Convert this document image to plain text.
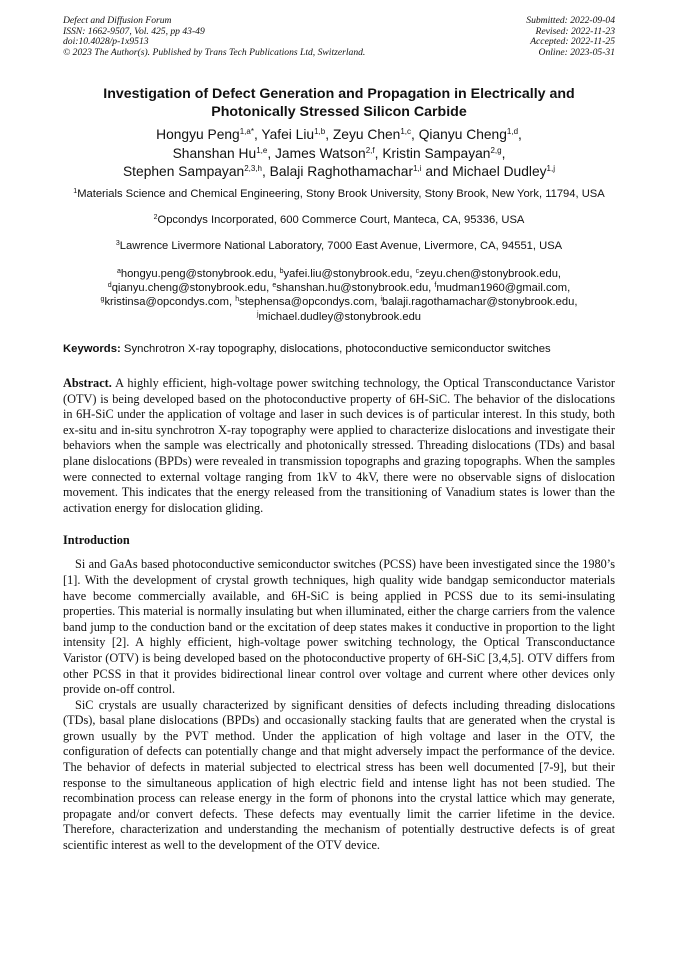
Defect and Diffusion Forum
ISSN: 1662-9507, Vol. 425, pp 43-49
doi:10.4028/p-1x9513
© 2023 The Author(s). Published by Trans Tech Publications Ltd, Switzerland.
Submitted: 2022-09-04
Revised: 2022-11-23
Accepted: 2022-11-25
Online: 2023-05-31
Investigation of Defect Generation and Propagation in Electrically and
Photonically Stressed Silicon Carbide
Hongyu Peng$^{1,a*}$, Yafei Liu$^{1,b}$, Zeyu Chen$^{1,c}$, Qianyu Cheng$^{1,d}$,
Shanshan Hu$^{1,e}$, James Watson$^{2,f}$, Kristin Sampayan$^{2,g}$,
Stephen Sampayan$^{2,3,h}$, Balaji Raghothamachar$^{1,i}$ and Michael Dudley$^{1,j}$
$^1$Materials Science and Chemical Engineering, Stony Brook University, Stony Brook, New York, 11794, USA
$^2$Opcondys Incorporated, 600 Commerce Court, Manteca, CA, 95336, USA
$^3$Lawrence Livermore National Laboratory, 7000 East Avenue, Livermore, CA, 94551, USA
$^a$hongyu.peng@stonybrook.edu, $^b$yafei.liu@stonybrook.edu, $^c$zeyu.chen@stonybrook.edu,
$^d$qianyu.cheng@stonybrook.edu, $^e$shanshan.hu@stonybrook.edu, $^f$mudman1960@gmail.com,
$^g$kristinsa@opcondys.com, $^h$stephensa@opcondys.com, $^i$balaji.ragothamachar@stonybrook.edu,
$^j$michael.dudley@stonybrook.edu
Keywords: Synchrotron X-ray topography, dislocations, photoconductive semiconductor switches
Abstract. A highly efficient, high-voltage power switching technology, the Optical Transconductance Varistor (OTV) is being developed based on the photoconductive property of 6H-SiC. The behavior of the dislocations in 6H-SiC under the application of voltage and laser in such devices is of particular interest. In this study, both ex-situ and in-situ synchrotron X-ray topography were applied to characterize dislocations and investigate their behaviors when the sample was electrically and photonically stressed. Threading dislocations (TDs) and basal plane dislocations (BPDs) were revealed in transmission topographs and grazing topographs. When the samples were connected to external voltage ranging from 1kV to 4kV, there were no observable signs of dislocation movement. This indicates that the energy released from the transitioning of Vanadium states is lower than the activation energy for dislocation gliding.
Introduction
Si and GaAs based photoconductive semiconductor switches (PCSS) have been investigated since the 1980’s [1]. With the development of crystal growth techniques, high quality wide bandgap semiconductor materials have become commercially available, and 6H-SiC is being applied in PCSS due to its semi-insulating properties. This material is normally insulating but when illuminated, either the charge carriers from the valence band jump to the conduction band or the excitation of deep states makes it conductive in proportion to the light intensity [2]. A highly efficient, high-voltage power switching technology, the Optical Transconductance Varistor (OTV) is being developed based on the photoconductive property of 6H-SiC [3,4,5]. OTV differs from other PCSS in that it provides bidirectional linear control over voltage and current where other devices only provide on-off control.
SiC crystals are usually characterized by significant densities of defects including threading dislocations (TDs), basal plane dislocations (BPDs) and occasionally stacking faults that are generated when the crystal is grown usually by the PVT method. Under the application of high voltage and laser in the OTV, the configuration of defects can potentially change and that might adversely impact the performance of the device. The behavior of defects in material subjected to electrical stress has been well documented [7-9], but their response to the simultaneous application of high electric field and intense light has not been studied. The recombination process can release energy in the form of phonons into the crystal lattice which may generate, propagate and/or convert defects. These defects may eventually limit the carrier lifetime in the device. Therefore, characterization and understanding the mechanism of potentially destructive defects is of great scientific interest as well to the development of the OTV device.
